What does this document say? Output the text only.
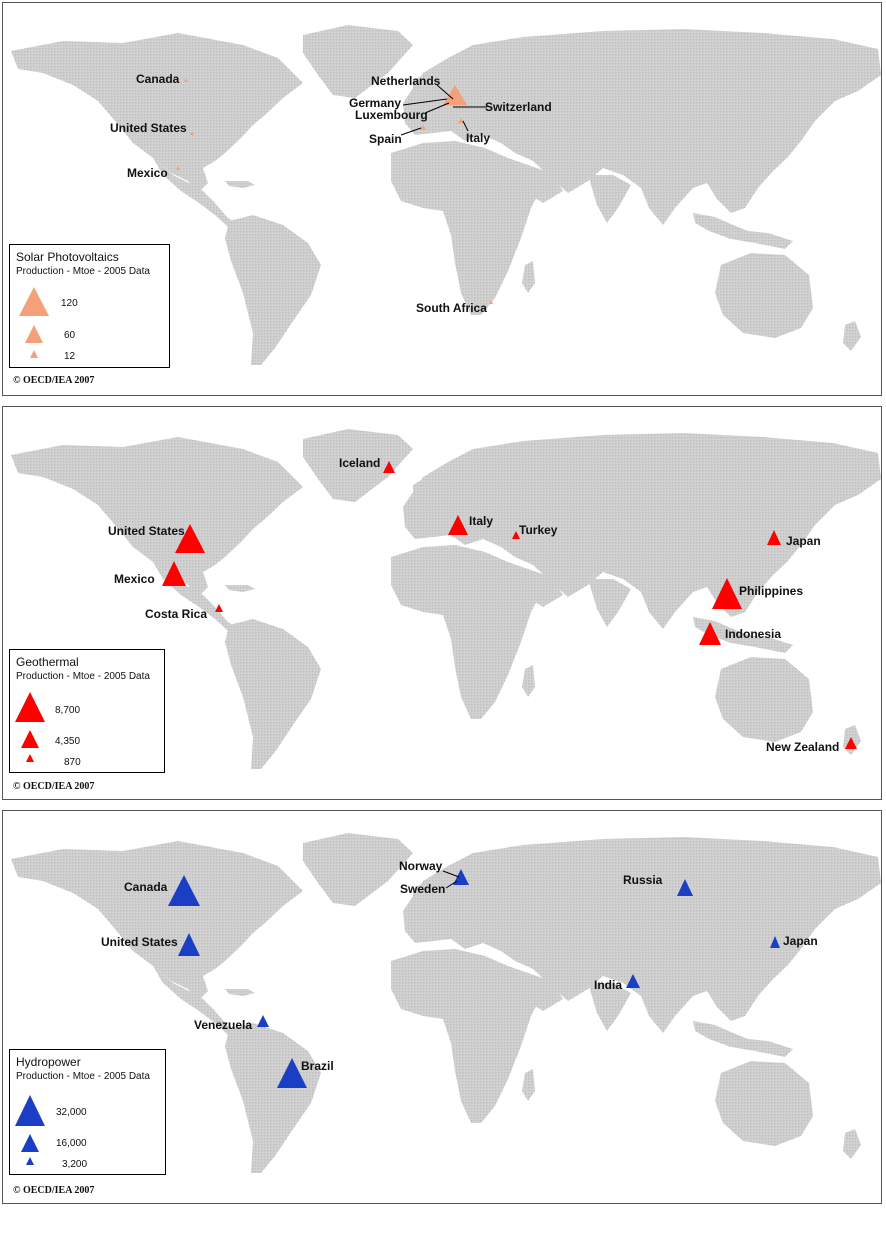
Canada
United States
Mexico
Netherlands
Germany
Luxembourg
Switzerland
Spain	Italy
South Africa
Solar Photovoltaics
Production - Mtoe - 2005 Data
120
60
12
© OECD/IEA 2007
Iceland
United States
Mexico
Costa Rica
Italy
Turkey
Japan
Philippines
Indonesia
New Zealand
Geothermal
Production - Mtoe - 2005 Data
8,700
4,350
870
© OECD/IEA 2007
Canada
United States
Venezuela
Brazil
Norway
Sweden
Russia
India
Japan
Hydropower
Production - Mtoe - 2005 Data
32,000
16,000
3,200
© OECD/IEA 2007
